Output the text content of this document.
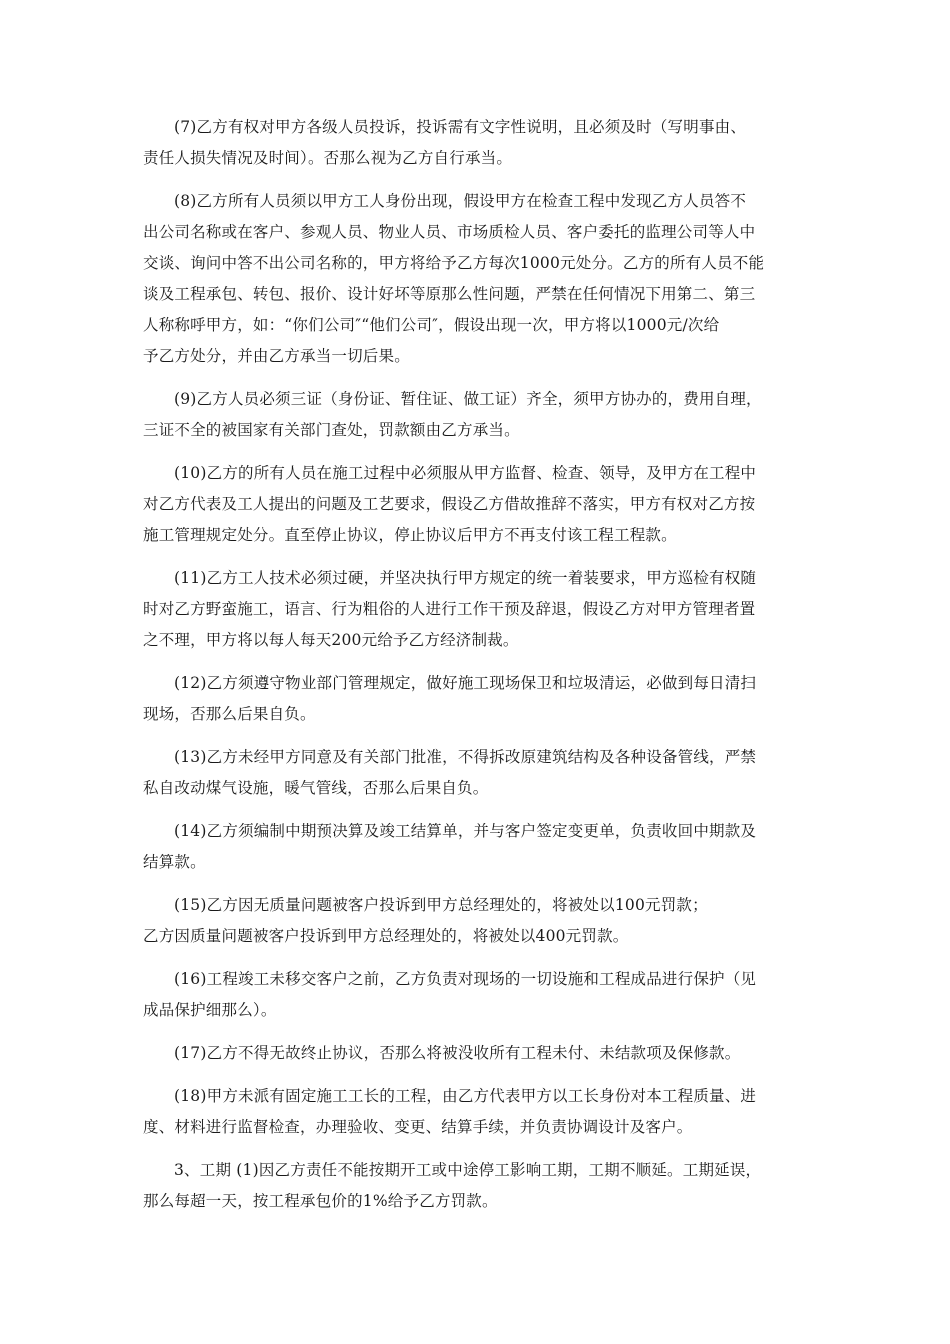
(7)乙方有权对甲方各级人员投诉，投诉需有文字性说明，且必须及时（写明事由、
责任人损失情况及时间）。否那么视为乙方自行承当。

(8)乙方所有人员须以甲方工人身份出现，假设甲方在检查工程中发现乙方人员答不
出公司名称或在客户、参观人员、物业人员、市场质检人员、客户委托的监理公司等人中
交谈、询问中答不出公司名称的，甲方将给予乙方每次1000元处分。乙方的所有人员不能
谈及工程承包、转包、报价、设计好坏等原那么性问题，严禁在任何情况下用第二、第三
人称称呼甲方，如：“你们公司″“他们公司″，假设出现一次，甲方将以1000元/次给
予乙方处分，并由乙方承当一切后果。

(9)乙方人员必须三证（身份证、暂住证、做工证）齐全，须甲方协办的，费用自理，
三证不全的被国家有关部门查处，罚款额由乙方承当。

(10)乙方的所有人员在施工过程中必须服从甲方监督、检查、领导，及甲方在工程中
对乙方代表及工人提出的问题及工艺要求，假设乙方借故推辞不落实，甲方有权对乙方按
施工管理规定处分。直至停止协议，停止协议后甲方不再支付该工程工程款。

(11)乙方工人技术必须过硬，并坚决执行甲方规定的统一着装要求，甲方巡检有权随
时对乙方野蛮施工，语言、行为粗俗的人进行工作干预及辞退，假设乙方对甲方管理者置
之不理，甲方将以每人每天200元给予乙方经济制裁。

(12)乙方须遵守物业部门管理规定，做好施工现场保卫和垃圾清运，必做到每日清扫
现场，否那么后果自负。

(13)乙方未经甲方同意及有关部门批准，不得拆改原建筑结构及各种设备管线，严禁
私自改动煤气设施，暖气管线，否那么后果自负。

(14)乙方须编制中期预决算及竣工结算单，并与客户签定变更单，负责收回中期款及
结算款。

(15)乙方因无质量问题被客户投诉到甲方总经理处的，将被处以100元罚款；
乙方因质量问题被客户投诉到甲方总经理处的，将被处以400元罚款。

(16)工程竣工未移交客户之前，乙方负责对现场的一切设施和工程成品进行保护（见
成品保护细那么）。

(17)乙方不得无故终止协议，否那么将被没收所有工程未付、未结款项及保修款。

(18)甲方未派有固定施工工长的工程，由乙方代表甲方以工长身份对本工程质量、进
度、材料进行监督检查，办理验收、变更、结算手续，并负责协调设计及客户。

3、工期 (1)因乙方责任不能按期开工或中途停工影响工期，工期不顺延。工期延误，
那么每超一天，按工程承包价的1%给予乙方罚款。
